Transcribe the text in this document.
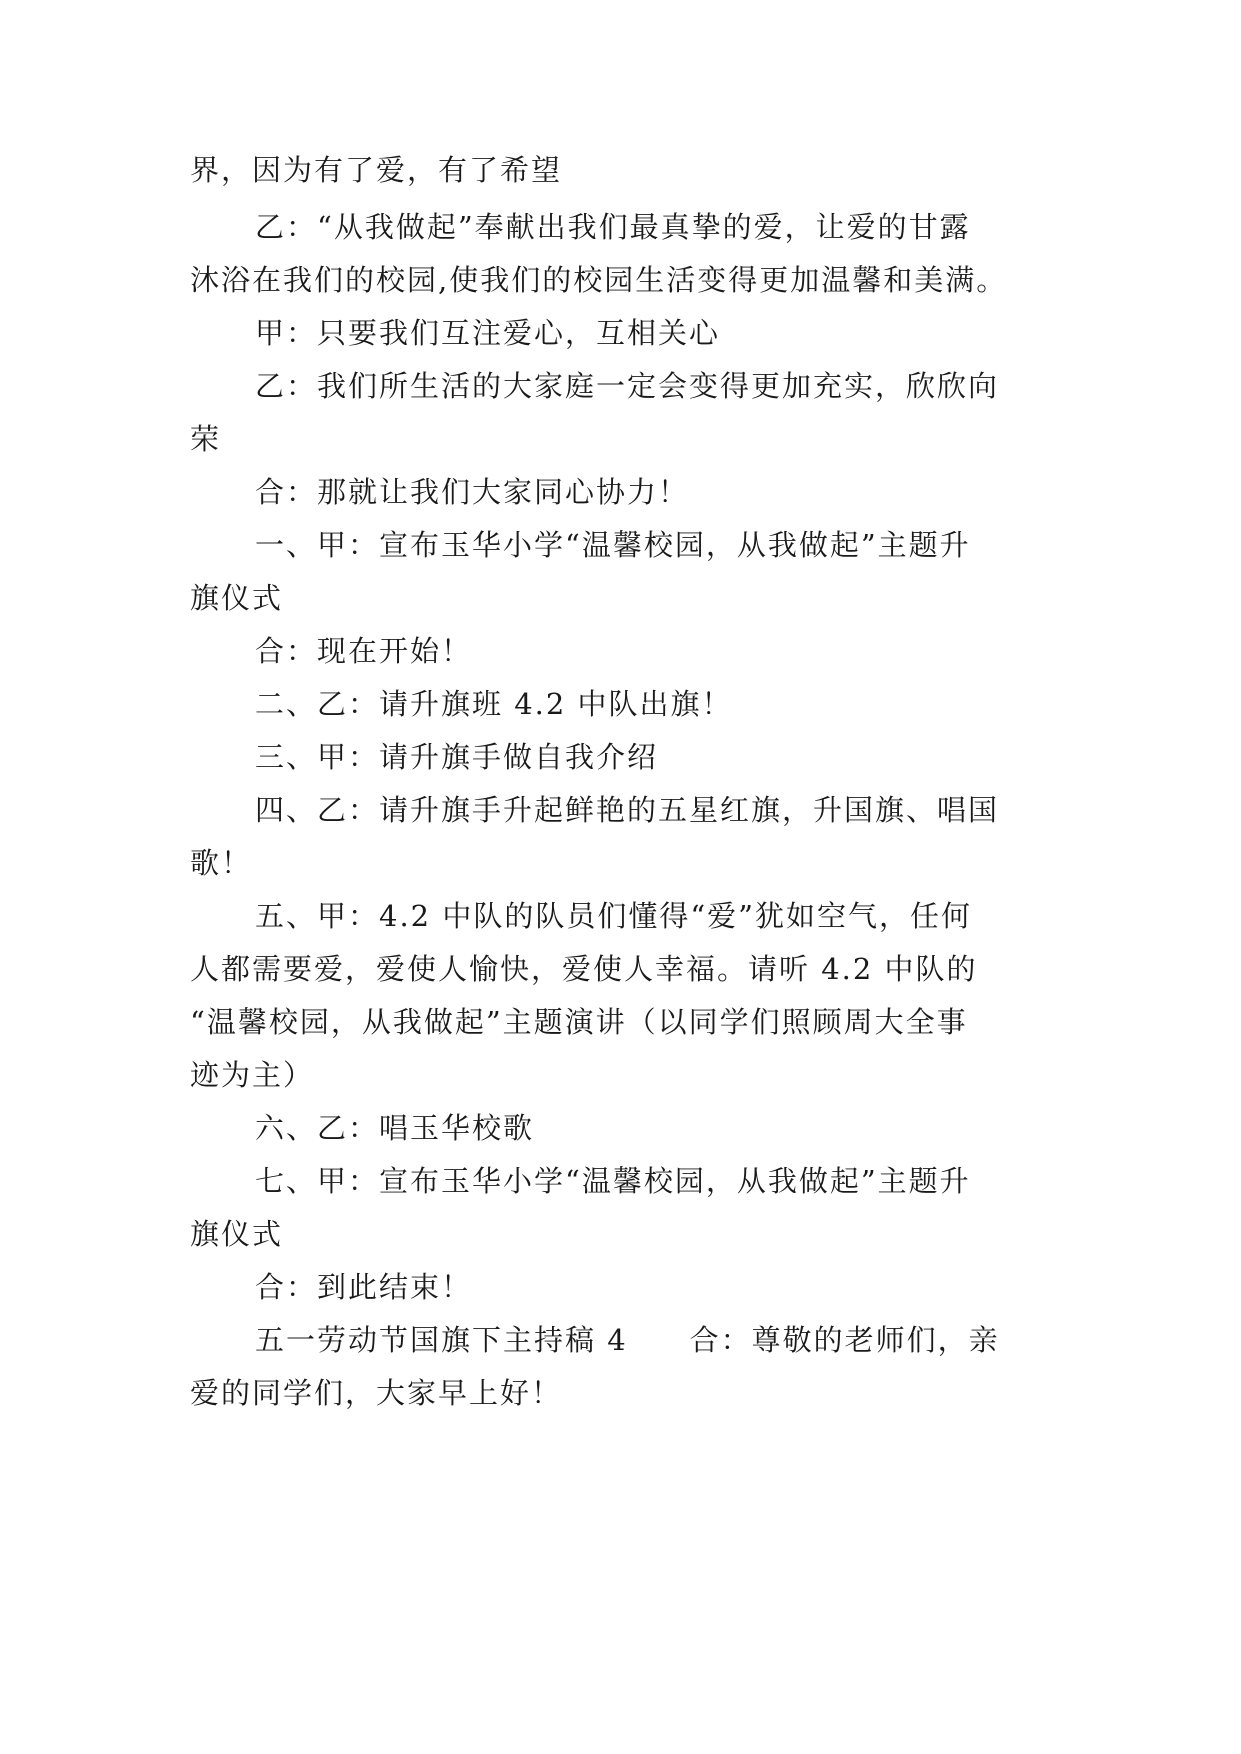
界，因为有了爱，有了希望
乙：“从我做起”奉献出我们最真挚的爱，让爱的甘露
沐浴在我们的校园,使我们的校园生活变得更加温馨和美满。
甲：只要我们互注爱心，互相关心
乙：我们所生活的大家庭一定会变得更加充实，欣欣向
荣
合：那就让我们大家同心协力！
一、甲：宣布玉华小学“温馨校园，从我做起”主题升
旗仪式
合：现在开始！
二、乙：请升旗班 4.2 中队出旗！
三、甲：请升旗手做自我介绍
四、乙：请升旗手升起鲜艳的五星红旗，升国旗、唱国
歌！
五、甲：4.2 中队的队员们懂得“爱”犹如空气，任何
人都需要爱，爱使人愉快，爱使人幸福。请听 4.2 中队的
“温馨校园，从我做起”主题演讲（以同学们照顾周大全事
迹为主）
六、乙：唱玉华校歌
七、甲：宣布玉华小学“温馨校园，从我做起”主题升
旗仪式
合：到此结束！
五一劳动节国旗下主持稿 4　　合：尊敬的老师们，亲
爱的同学们，大家早上好！
